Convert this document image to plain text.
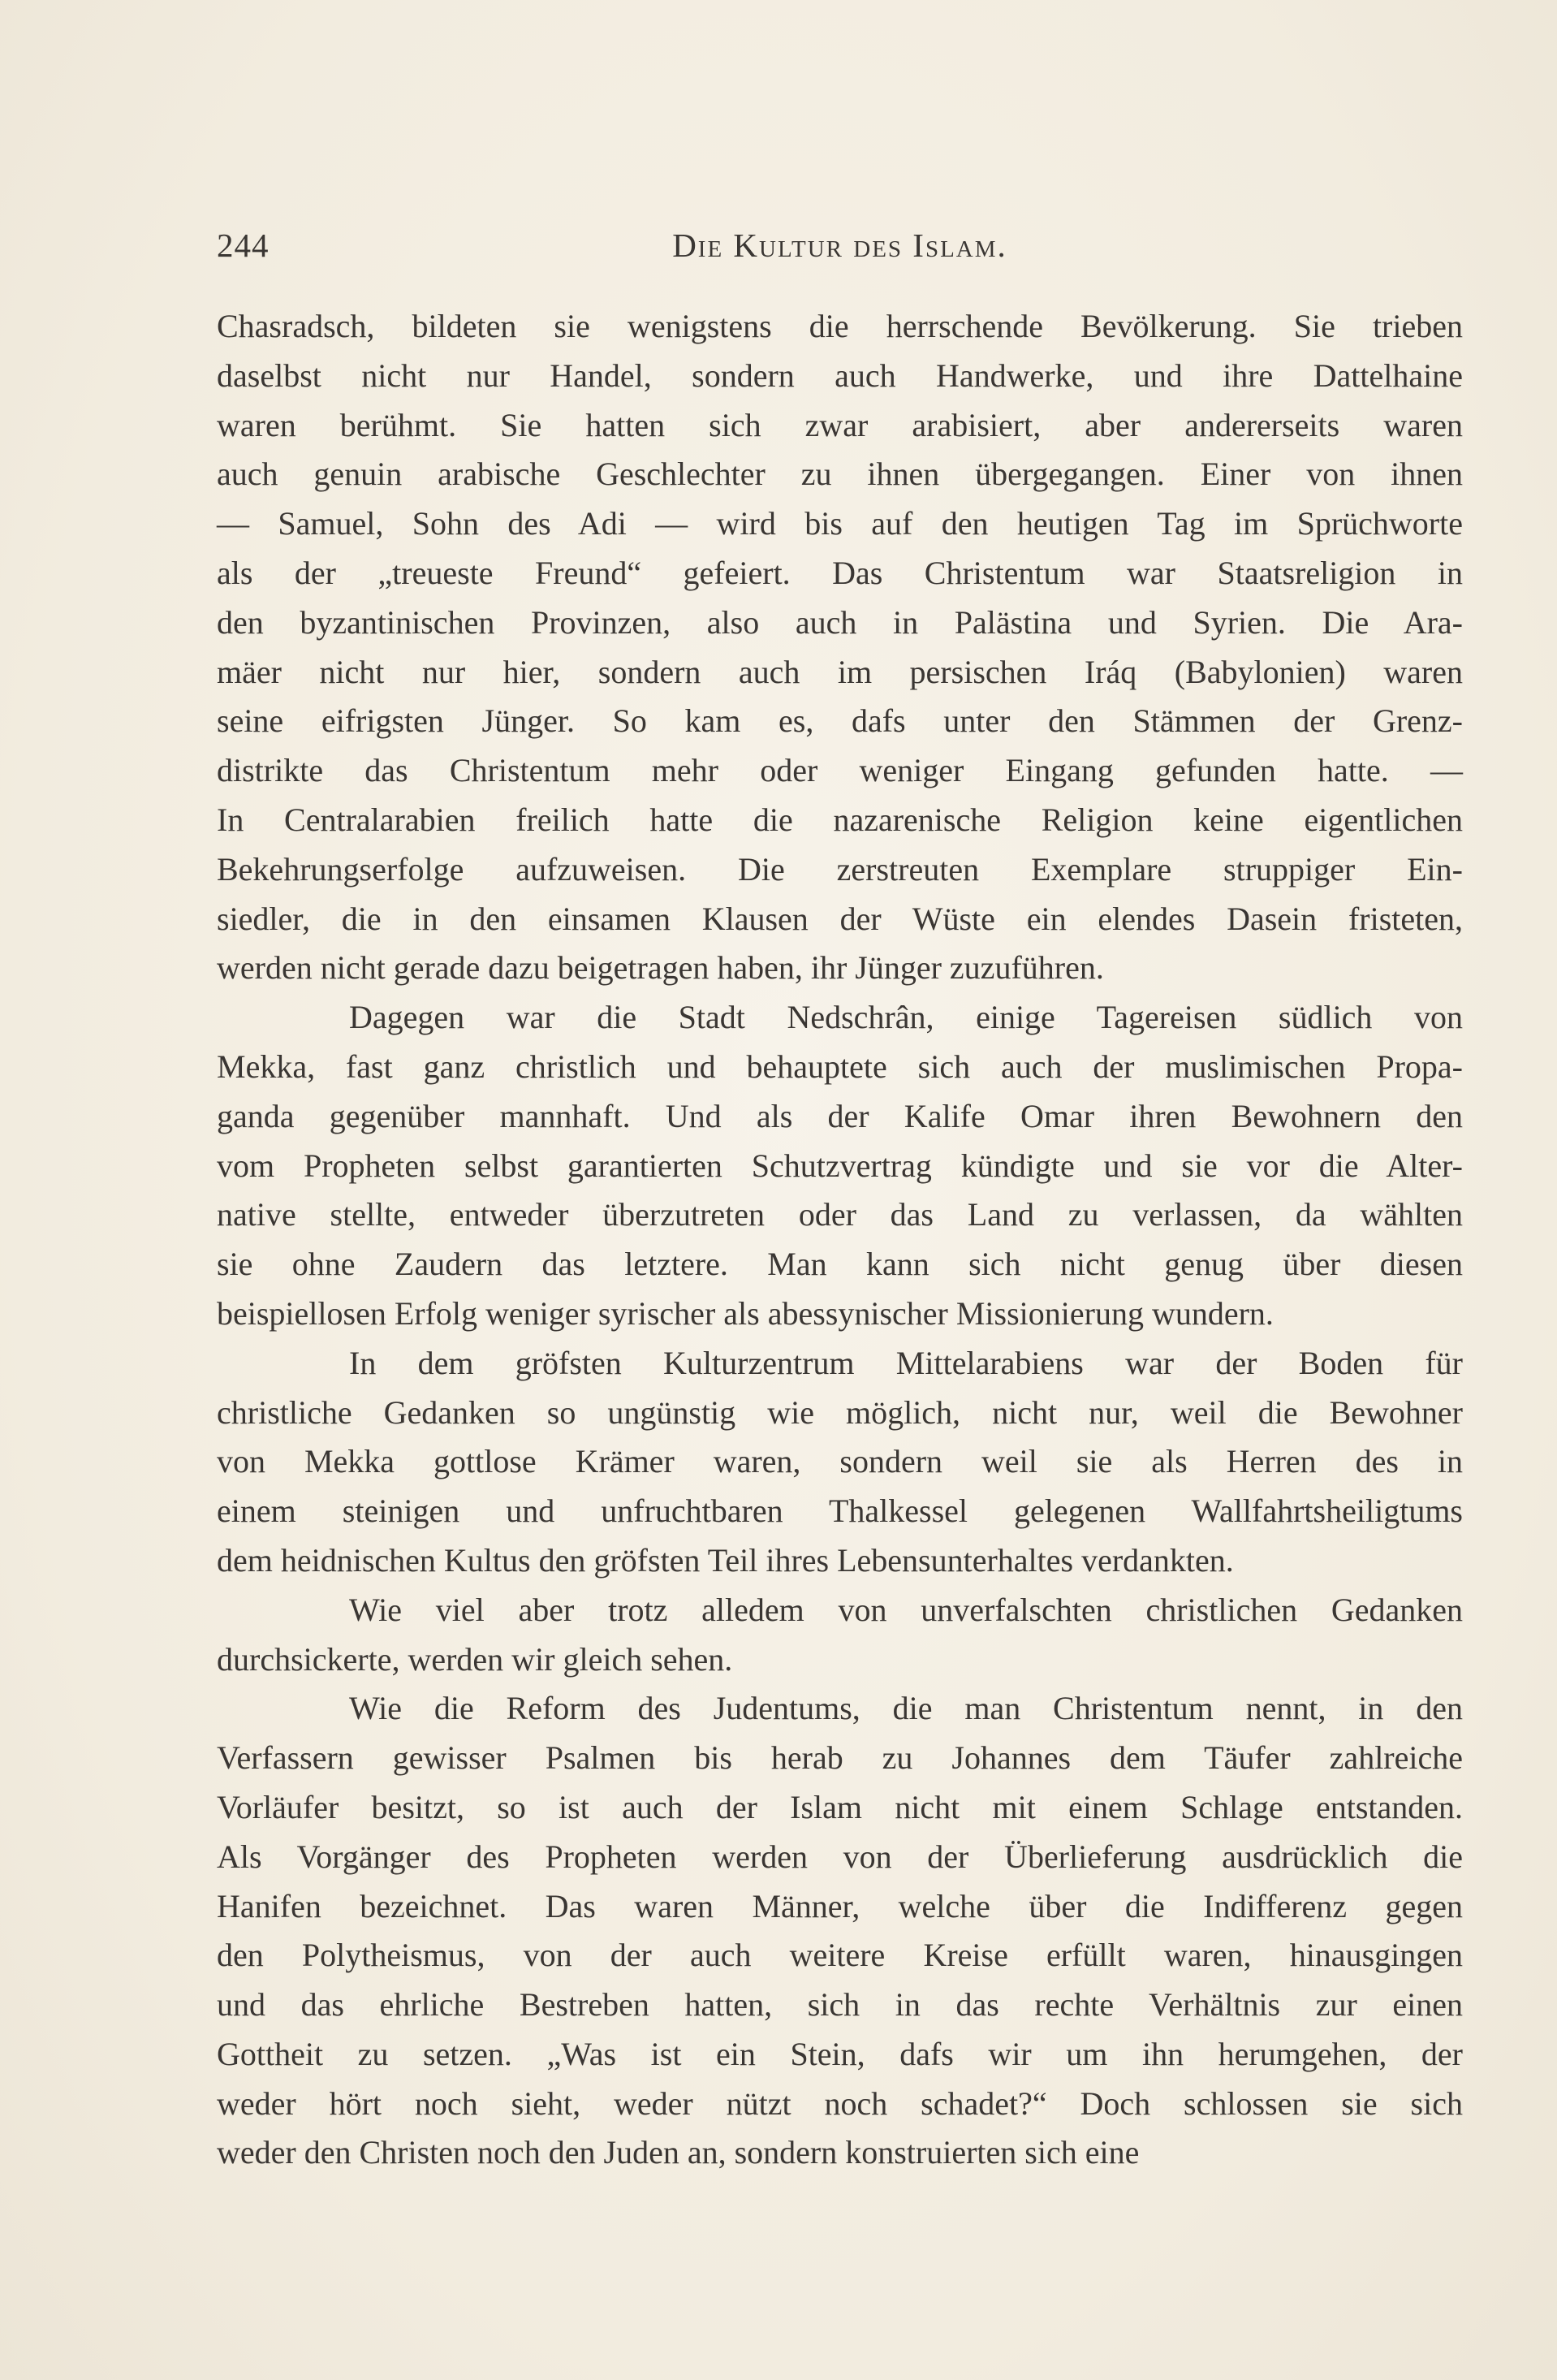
244	Die Kultur des Islam.
Chasradsch, bildeten sie wenigstens die herrschende Bevölkerung. Sie trieben
daselbst nicht nur Handel, sondern auch Handwerke, und ihre Dattelhaine
waren berühmt. Sie hatten sich zwar arabisiert, aber andererseits waren
auch genuin arabische Geschlechter zu ihnen übergegangen. Einer von ihnen
— Samuel, Sohn des Adi — wird bis auf den heutigen Tag im Sprüchworte
als der „treueste Freund“ gefeiert. Das Christentum war Staatsreligion in
den byzantinischen Provinzen, also auch in Palästina und Syrien. Die Ara-
mäer nicht nur hier, sondern auch im persischen Iráq (Babylonien) waren
seine eifrigsten Jünger. So kam es, dafs unter den Stämmen der Grenz-
distrikte das Christentum mehr oder weniger Eingang gefunden hatte. —
In Centralarabien freilich hatte die nazarenische Religion keine eigentlichen
Bekehrungserfolge aufzuweisen. Die zerstreuten Exemplare struppiger Ein-
siedler, die in den einsamen Klausen der Wüste ein elendes Dasein fristeten,
werden nicht gerade dazu beigetragen haben, ihr Jünger zuzuführen.
Dagegen war die Stadt Nedschrân, einige Tagereisen südlich von
Mekka, fast ganz christlich und behauptete sich auch der muslimischen Propa-
ganda gegenüber mannhaft. Und als der Kalife Omar ihren Bewohnern den
vom Propheten selbst garantierten Schutzvertrag kündigte und sie vor die Alter-
native stellte, entweder überzutreten oder das Land zu verlassen, da wählten
sie ohne Zaudern das letztere. Man kann sich nicht genug über diesen
beispiellosen Erfolg weniger syrischer als abessynischer Missionierung wundern.
In dem gröfsten Kulturzentrum Mittelarabiens war der Boden für
christliche Gedanken so ungünstig wie möglich, nicht nur, weil die Bewohner
von Mekka gottlose Krämer waren, sondern weil sie als Herren des in
einem steinigen und unfruchtbaren Thalkessel gelegenen Wallfahrtsheiligtums
dem heidnischen Kultus den gröfsten Teil ihres Lebensunterhaltes verdankten.
Wie viel aber trotz alledem von unverfalschten christlichen Gedanken
durchsickerte, werden wir gleich sehen.
Wie die Reform des Judentums, die man Christentum nennt, in den
Verfassern gewisser Psalmen bis herab zu Johannes dem Täufer zahlreiche
Vorläufer besitzt, so ist auch der Islam nicht mit einem Schlage entstanden.
Als Vorgänger des Propheten werden von der Überlieferung ausdrücklich die
Hanifen bezeichnet. Das waren Männer, welche über die Indifferenz gegen
den Polytheismus, von der auch weitere Kreise erfüllt waren, hinausgingen
und das ehrliche Bestreben hatten, sich in das rechte Verhältnis zur einen
Gottheit zu setzen. „Was ist ein Stein, dafs wir um ihn herumgehen, der
weder hört noch sieht, weder nützt noch schadet?“ Doch schlossen sie sich
weder den Christen noch den Juden an, sondern konstruierten sich eine
